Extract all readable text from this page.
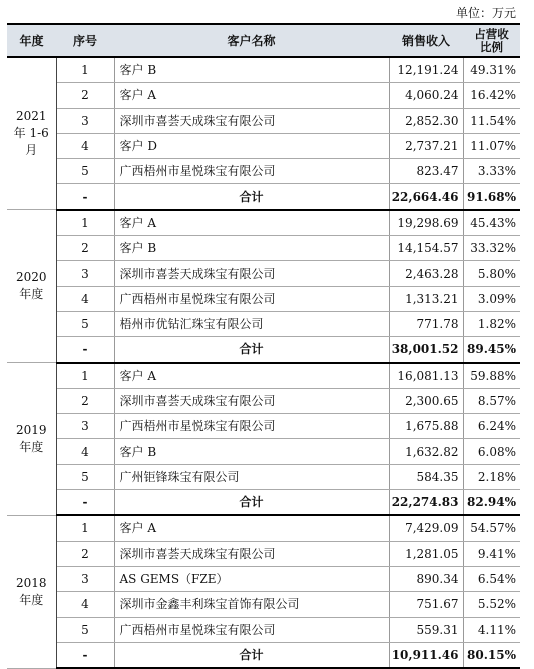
单位：万元
年度	序号	客户名称	销售收入	占营收
比例
2021
年 1-6
月	1	客户 B	12,191.24	49.31%
	2	客户 A	4,060.24	16.42%
	3	深圳市喜荟天成珠宝有限公司	2,852.30	11.54%
	4	客户 D	2,737.21	11.07%
	5	广西梧州市星悦珠宝有限公司	823.47	3.33%
	-	合计	22,664.46	91.68%
2020
年度	1	客户 A	19,298.69	45.43%
	2	客户 B	14,154.57	33.32%
	3	深圳市喜荟天成珠宝有限公司	2,463.28	5.80%
	4	广西梧州市星悦珠宝有限公司	1,313.21	3.09%
	5	梧州市优钻汇珠宝有限公司	771.78	1.82%
	-	合计	38,001.52	89.45%
2019
年度	1	客户 A	16,081.13	59.88%
	2	深圳市喜荟天成珠宝有限公司	2,300.65	8.57%
	3	广西梧州市星悦珠宝有限公司	1,675.88	6.24%
	4	客户 B	1,632.82	6.08%
	5	广州钜锋珠宝有限公司	584.35	2.18%
	-	合计	22,274.83	82.94%
2018
年度	1	客户 A	7,429.09	54.57%
	2	深圳市喜荟天成珠宝有限公司	1,281.05	9.41%
	3	AS GEMS（FZE）	890.34	6.54%
	4	深圳市金鑫丰利珠宝首饰有限公司	751.67	5.52%
	5	广西梧州市星悦珠宝有限公司	559.31	4.11%
	-	合计	10,911.46	80.15%
